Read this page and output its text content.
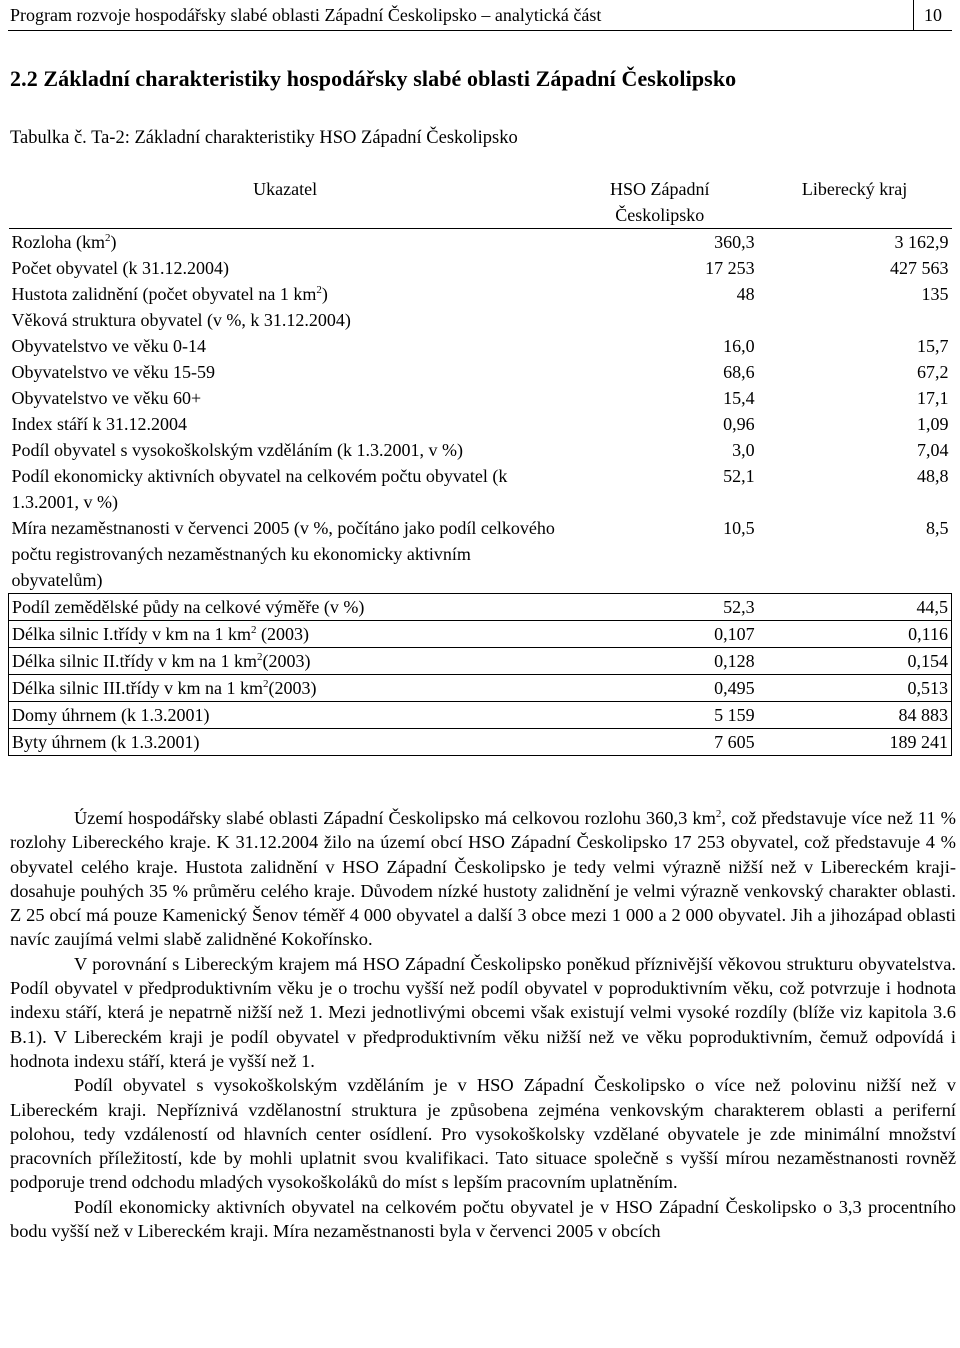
Program rozvoje hospodářsky slabé oblasti Západní Českolipsko – analytická část	10
2.2 Základní charakteristiky hospodářsky slabé oblasti Západní Českolipsko
Tabulka č. Ta-2: Základní charakteristiky HSO Západní Českolipsko
Ukazatel	HSO Západní Českolipsko	Liberecký kraj
Rozloha $(km^2)$	360,3	3 162,9
Počet obyvatel (k 31.12.2004)	17 253	427 563
Hustota zalidnění (počet obyvatel na 1 $km^2$)	48	135
Věková struktura obyvatel (v %, k 31.12.2004)		
Obyvatelstvo ve věku 0-14	16,0	15,7
Obyvatelstvo ve věku 15-59	68,6	67,2
Obyvatelstvo ve věku 60+	15,4	17,1
Index stáří k 31.12.2004	0,96	1,09
Podíl obyvatel s vysokoškolským vzděláním (k 1.3.2001, v %)	3,0	7,04
Podíl ekonomicky aktivních obyvatel na celkovém počtu obyvatel (k 1.3.2001, v %)	52,1	48,8
Míra nezaměstnanosti v červenci 2005 (v %, počítáno jako podíl celkového počtu registrovaných nezaměstnaných ku ekonomicky aktivním obyvatelům)	10,5	8,5
Podíl zemědělské půdy na celkové výměře (v %)	52,3	44,5
Délka silnic I.třídy v km na 1 $km^2$ (2003)	0,107	0,116
Délka silnic II.třídy v km na 1 $km^2(2003)$	0,128	0,154
Délka silnic III.třídy v km na 1 $km^2(2003)$	0,495	0,513
Domy úhrnem (k 1.3.2001)	5 159	84 883
Byty úhrnem (k 1.3.2001)	7 605	189 241

Území hospodářsky slabé oblasti Západní Českolipsko má celkovou rozlohu 360,3 $km^2$, což představuje více než 11 % rozlohy Libereckého kraje. K 31.12.2004 žilo na území obcí HSO Západní Českolipsko 17 253 obyvatel, což představuje 4 % obyvatel celého kraje. Hustota zalidnění v HSO Západní Českolipsko je tedy velmi výrazně nižší než v Libereckém kraji- dosahuje pouhých 35 % průměru celého kraje. Důvodem nízké hustoty zalidnění je velmi výrazně venkovský charakter oblasti. Z 25 obcí má pouze Kamenický Šenov téměř 4 000 obyvatel a další 3 obce mezi 1 000 a 2 000 obyvatel. Jih a jihozápad oblasti navíc zaujímá velmi slabě zalidněné Kokořínsko.

V porovnání s Libereckým krajem má HSO Západní Českolipsko poněkud příznivější věkovou strukturu obyvatelstva. Podíl obyvatel v předproduktivním věku je o trochu vyšší než podíl obyvatel v poproduktivním věku, což potvrzuje i hodnota indexu stáří, která je nepatrně nižší než 1. Mezi jednotlivými obcemi však existují velmi vysoké rozdíly (blíže viz kapitola 3.6 B.1). V Libereckém kraji je podíl obyvatel v předproduktivním věku nižší než ve věku poproduktivním, čemuž odpovídá i hodnota indexu stáří, která je vyšší než 1.

Podíl obyvatel s vysokoškolským vzděláním je v HSO Západní Českolipsko o více než polovinu nižší než v Libereckém kraji. Nepříznivá vzdělanostní struktura je způsobena zejména venkovským charakterem oblasti a periferní polohou, tedy vzdáleností od hlavních center osídlení. Pro vysokoškolsky vzdělané obyvatele je zde minimální množství pracovních příležitostí, kde by mohli uplatnit svou kvalifikaci. Tato situace společně s vyšší mírou nezaměstnanosti rovněž podporuje trend odchodu mladých vysokoškoláků do míst s lepším pracovním uplatněním.

Podíl ekonomicky aktivních obyvatel na celkovém počtu obyvatel je v HSO Západní Českolipsko o 3,3 procentního bodu vyšší než v Libereckém kraji. Míra nezaměstnanosti byla v červenci 2005 v obcích
